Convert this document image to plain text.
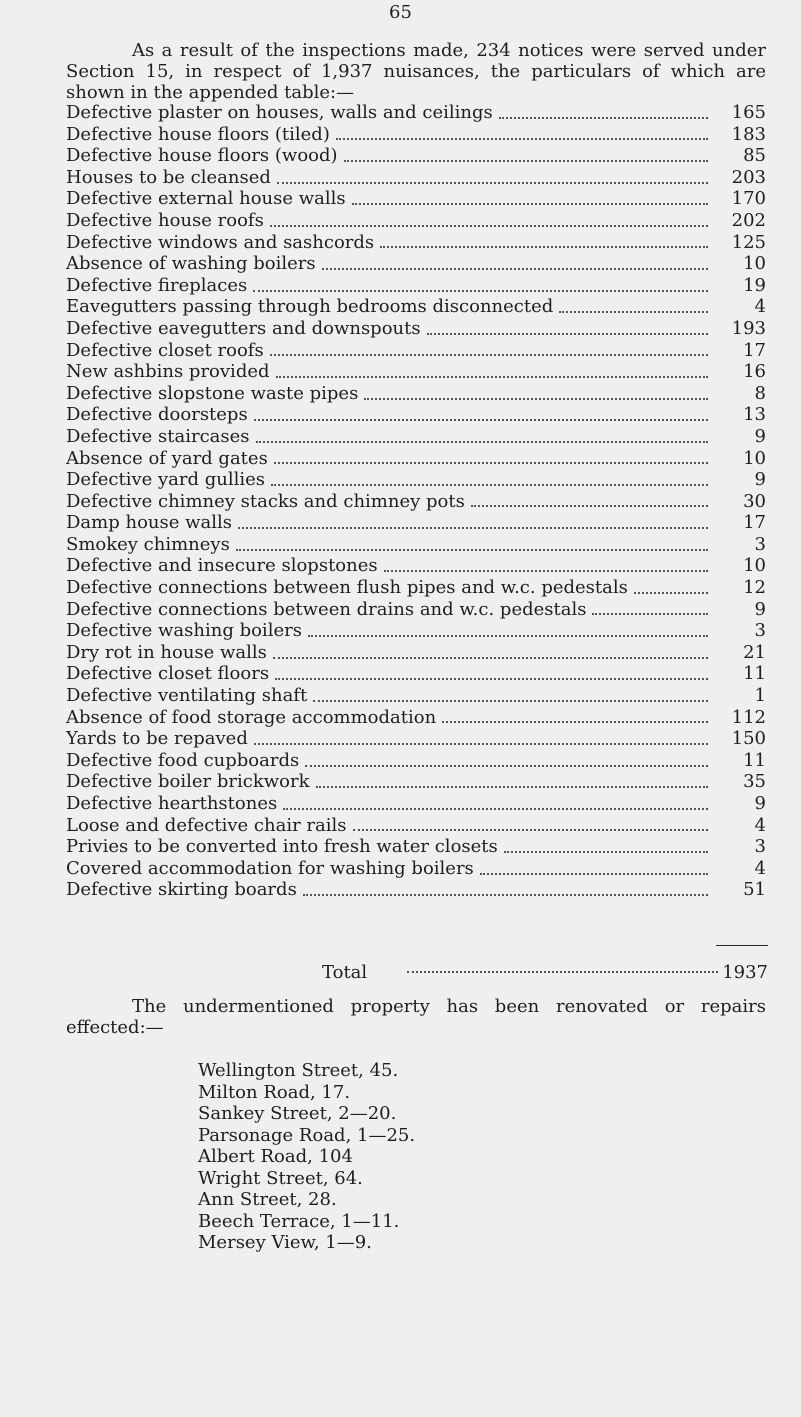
65

As a result of the inspections made, 234 notices were served under Section 15, in respect of 1,937 nuisances, the particulars of which are shown in the appended table:—

Defective plaster on houses, walls and ceilings	165
Defective house floors (tiled)	183
Defective house floors (wood)	85
Houses to be cleansed	203
Defective external house walls	170
Defective house roofs	202
Defective windows and sashcords	125
Absence of washing boilers	10
Defective fireplaces	19
Eavegutters passing through bedrooms disconnected	4
Defective eavegutters and downspouts	193
Defective closet roofs	17
New ashbins provided	16
Defective slopstone waste pipes	8
Defective doorsteps	13
Defective staircases	9
Absence of yard gates	10
Defective yard gullies	9
Defective chimney stacks and chimney pots	30
Damp house walls	17
Smokey chimneys	3
Defective and insecure slopstones	10
Defective connections between flush pipes and w.c. pedestals	12
Defective connections between drains and w.c. pedestals	9
Defective washing boilers	3
Dry rot in house walls	21
Defective closet floors	11
Defective ventilating shaft	1
Absence of food storage accommodation	112
Yards to be repaved	150
Defective food cupboards	11
Defective boiler brickwork	35
Defective hearthstones	9
Loose and defective chair rails	4
Privies to be converted into fresh water closets	3
Covered accommodation for washing boilers	4
Defective skirting boards	51
Total	1937

The undermentioned property has been renovated or repairs effected:—

Wellington Street, 45.
Milton Road, 17.
Sankey Street, 2—20.
Parsonage Road, 1—25.
Albert Road, 104
Wright Street, 64.
Ann Street, 28.
Beech Terrace, 1—11.
Mersey View, 1—9.
